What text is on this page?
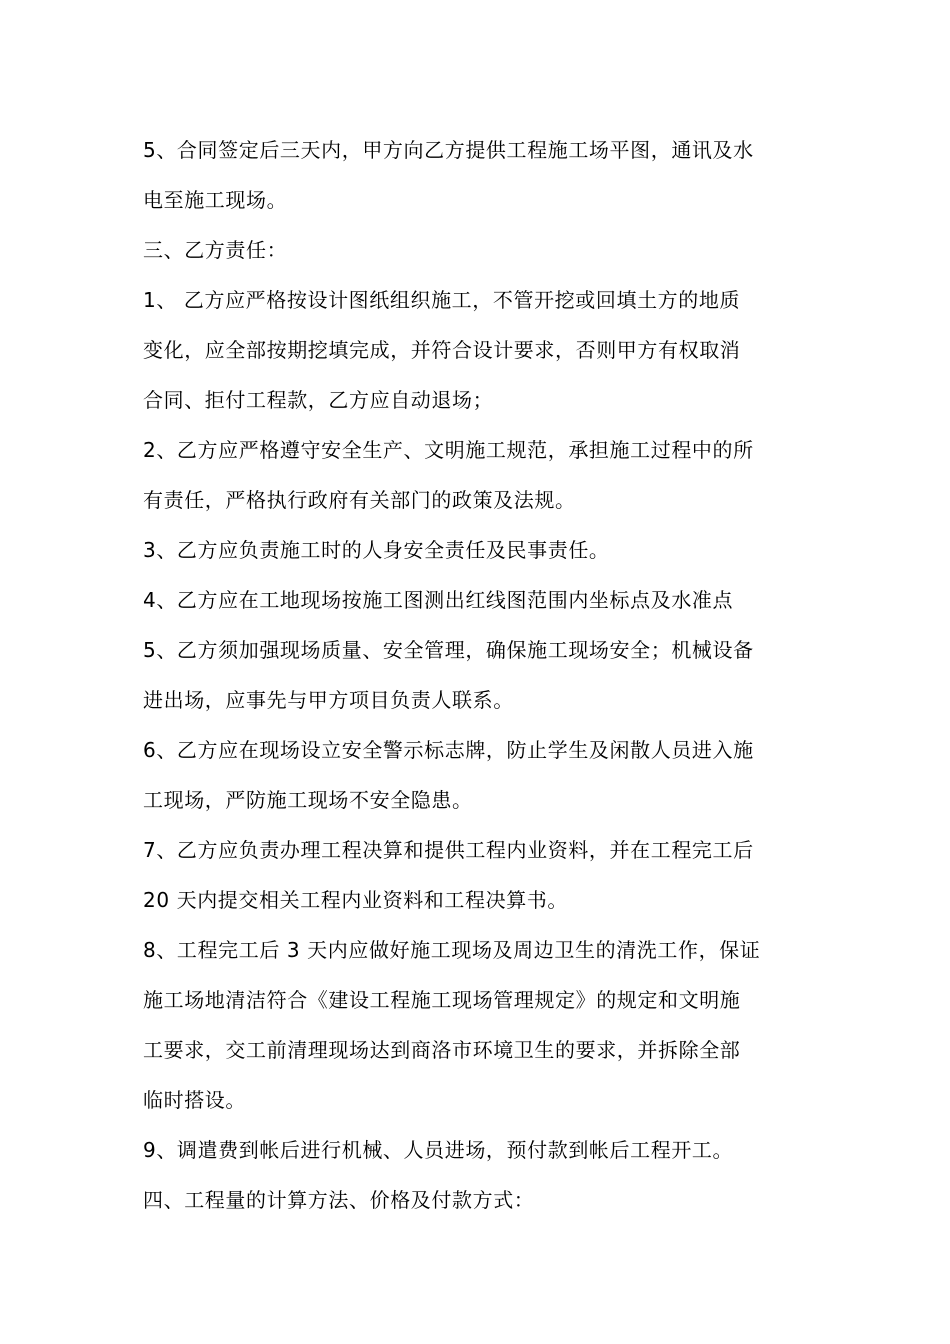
5、合同签定后三天内，甲方向乙方提供工程施工场平图，通讯及水
电至施工现场。
三、乙方责任：
1、 乙方应严格按设计图纸组织施工，不管开挖或回填土方的地质
变化，应全部按期挖填完成，并符合设计要求，否则甲方有权取消
合同、拒付工程款，乙方应自动退场；
2、乙方应严格遵守安全生产、文明施工规范，承担施工过程中的所
有责任，严格执行政府有关部门的政策及法规。
3、乙方应负责施工时的人身安全责任及民事责任。
4、乙方应在工地现场按施工图测出红线图范围内坐标点及水准点
5、乙方须加强现场质量、安全管理，确保施工现场安全；机械设备
进出场，应事先与甲方项目负责人联系。
6、乙方应在现场设立安全警示标志牌，防止学生及闲散人员进入施
工现场，严防施工现场不安全隐患。
7、乙方应负责办理工程决算和提供工程内业资料，并在工程完工后
20 天内提交相关工程内业资料和工程决算书。
8、工程完工后 3 天内应做好施工现场及周边卫生的清洗工作，保证
施工场地清洁符合《建设工程施工现场管理规定》的规定和文明施
工要求，交工前清理现场达到商洛市环境卫生的要求，并拆除全部
临时搭设。
9、调遣费到帐后进行机械、人员进场，预付款到帐后工程开工。
四、工程量的计算方法、价格及付款方式：
